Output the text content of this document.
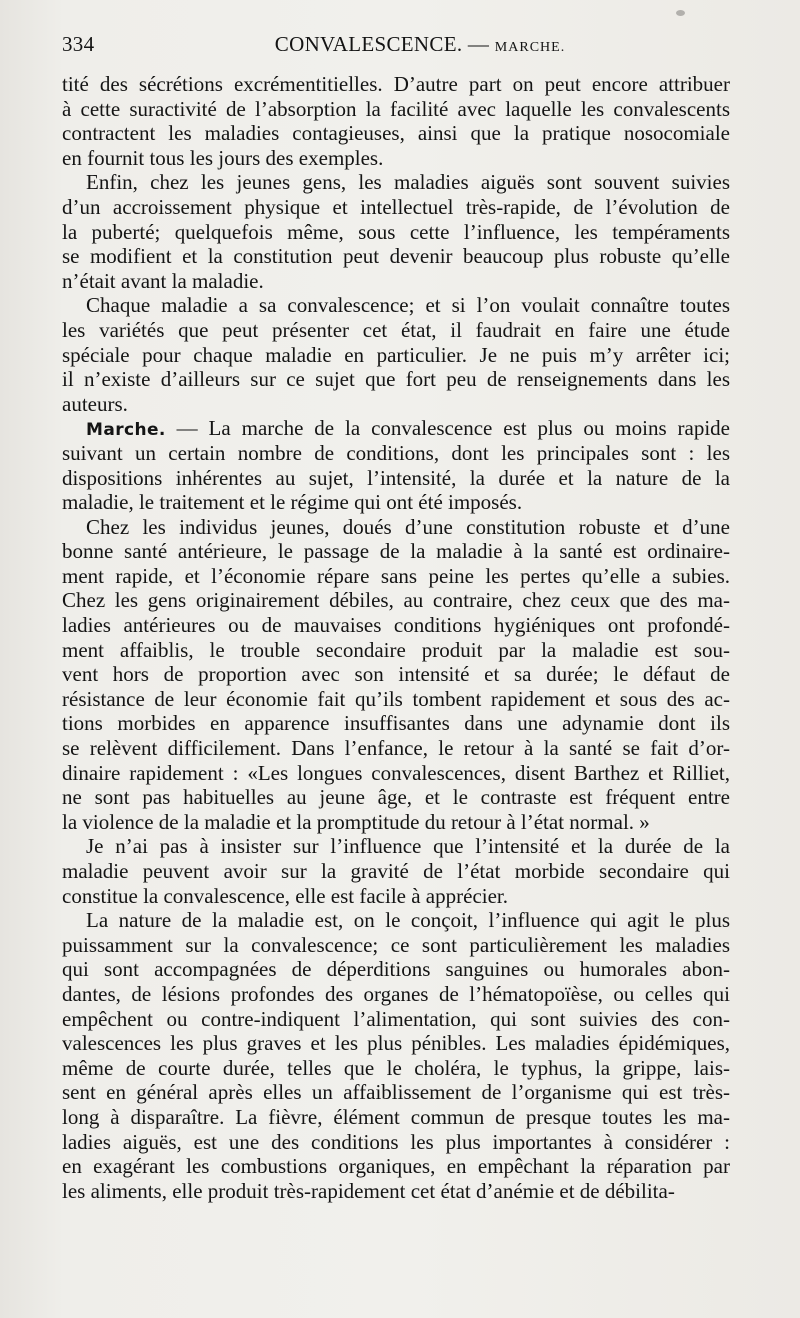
334	CONVALESCENCE. — MARCHE.
tité des sécrétions excrémentitielles. D’autre part on peut encore attribuer
à cette suractivité de l’absorption la facilité avec laquelle les convalescents
contractent les maladies contagieuses, ainsi que la pratique nosocomiale
en fournit tous les jours des exemples.
Enfin, chez les jeunes gens, les maladies aiguës sont souvent suivies
d’un accroissement physique et intellectuel très-rapide, de l’évolution de
la puberté; quelquefois même, sous cette l’influence, les tempéraments
se modifient et la constitution peut devenir beaucoup plus robuste qu’elle
n’était avant la maladie.
Chaque maladie a sa convalescence; et si l’on voulait connaître toutes
les variétés que peut présenter cet état, il faudrait en faire une étude
spéciale pour chaque maladie en particulier. Je ne puis m’y arrêter ici;
il n’existe d’ailleurs sur ce sujet que fort peu de renseignements dans les
auteurs.
Marche. — La marche de la convalescence est plus ou moins rapide
suivant un certain nombre de conditions, dont les principales sont : les
dispositions inhérentes au sujet, l’intensité, la durée et la nature de la
maladie, le traitement et le régime qui ont été imposés.
Chez les individus jeunes, doués d’une constitution robuste et d’une
bonne santé antérieure, le passage de la maladie à la santé est ordinaire-
ment rapide, et l’économie répare sans peine les pertes qu’elle a subies.
Chez les gens originairement débiles, au contraire, chez ceux que des ma-
ladies antérieures ou de mauvaises conditions hygiéniques ont profondé-
ment affaiblis, le trouble secondaire produit par la maladie est sou-
vent hors de proportion avec son intensité et sa durée; le défaut de
résistance de leur économie fait qu’ils tombent rapidement et sous des ac-
tions morbides en apparence insuffisantes dans une adynamie dont ils
se relèvent difficilement. Dans l’enfance, le retour à la santé se fait d’or-
dinaire rapidement : «Les longues convalescences, disent Barthez et Rilliet,
ne sont pas habituelles au jeune âge, et le contraste est fréquent entre
la violence de la maladie et la promptitude du retour à l’état normal. »
Je n’ai pas à insister sur l’influence que l’intensité et la durée de la
maladie peuvent avoir sur la gravité de l’état morbide secondaire qui
constitue la convalescence, elle est facile à apprécier.
La nature de la maladie est, on le conçoit, l’influence qui agit le plus
puissamment sur la convalescence; ce sont particulièrement les maladies
qui sont accompagnées de déperditions sanguines ou humorales abon-
dantes, de lésions profondes des organes de l’hématopoïèse, ou celles qui
empêchent ou contre-indiquent l’alimentation, qui sont suivies des con-
valescences les plus graves et les plus pénibles. Les maladies épidémiques,
même de courte durée, telles que le choléra, le typhus, la grippe, lais-
sent en général après elles un affaiblissement de l’organisme qui est très-
long à disparaître. La fièvre, élément commun de presque toutes les ma-
ladies aiguës, est une des conditions les plus importantes à considérer :
en exagérant les combustions organiques, en empêchant la réparation par
les aliments, elle produit très-rapidement cet état d’anémie et de débilita-
